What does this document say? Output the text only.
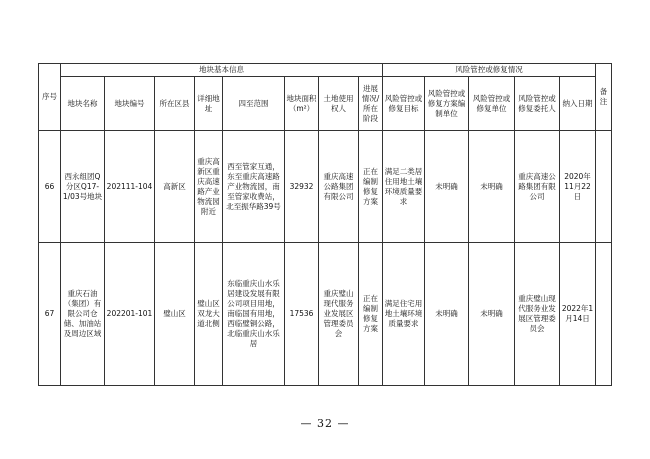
序号	地块基本信息								风险管控或修复情况					备注
	地块名称	地块编号	所在区县	详细地址	四至范围	地块面积（m²）	土地使用权人	进展情况/所在阶段	风险管控或修复目标	风险管控或修复方案编制单位	风险管控或修复单位	风险管控或修复委托人	纳入日期	
66	西永组团Q分区Q17-1/03号地块	202111-104	高新区	重庆高新区重庆高速路产业物流园附近	西至管家互通，东至重庆高速路产业物流园，南至管家收费站，北至振华路39号	32932	重庆高速公路集团有限公司	正在编制修复方案	满足二类居住用地土壤环境质量要求	未明确	未明确	重庆高速公路集团有限公司	2020年11月22日	
67	重庆石油（集团）有限公司仓储、加油站及周边区域	202201-101	璧山区	璧山区双龙大道北侧	东临重庆山水乐居建设发展有限公司项目用地，南临国有用地，西临璧铜公路，北临重庆山水乐居	17536	重庆璧山现代服务业发展区管理委员会	正在编制修复方案	满足住宅用地土壤环境质量要求	未明确	未明确	重庆璧山现代服务业发展区管理委员会	2022年1月14日	
— 32 —
